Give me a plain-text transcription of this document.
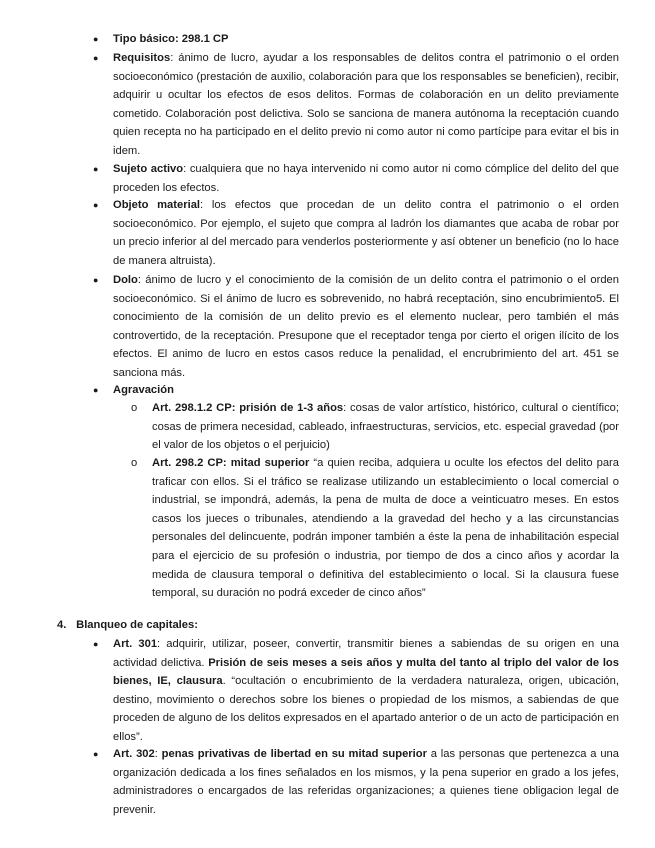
● Tipo básico: 298.1 CP
● Requisitos: ánimo de lucro, ayudar a los responsables de delitos contra el patrimonio o el orden socioeconómico (prestación de auxilio, colaboración para que los responsables se beneficien), recibir, adquirir u ocultar los efectos de esos delitos. Formas de colaboración en un delito previamente cometido. Colaboración post delictiva. Solo se sanciona de manera autónoma la receptación cuando quien recepta no ha participado en el delito previo ni como autor ni como partícipe para evitar el bis in idem.
● Sujeto activo: cualquiera que no haya intervenido ni como autor ni como cómplice del delito del que proceden los efectos.
● Objeto material: los efectos que procedan de un delito contra el patrimonio o el orden socioeconómico. Por ejemplo, el sujeto que compra al ladrón los diamantes que acaba de robar por un precio inferior al del mercado para venderlos posteriormente y así obtener un beneficio (no lo hace de manera altruista).
● Dolo: ánimo de lucro y el conocimiento de la comisión de un delito contra el patrimonio o el orden socioeconómico. Si el ánimo de lucro es sobrevenido, no habrá receptación, sino encubrimiento5. El conocimiento de la comisión de un delito previo es el elemento nuclear, pero también el más controvertido, de la receptación. Presupone que el receptador tenga por cierto el origen ilícito de los efectos. El animo de lucro en estos casos reduce la penalidad, el encrubrimiento del art. 451 se sanciona más.
● Agravación
o Art. 298.1.2 CP: prisión de 1-3 años: cosas de valor artístico, histórico, cultural o científico; cosas de primera necesidad, cableado, infraestructuras, servicios, etc. especial gravedad (por el valor de los objetos o el perjuicio)
o Art. 298.2 CP: mitad superior “a quien reciba, adquiera u oculte los efectos del delito para traficar con ellos. Si el tráfico se realizase utilizando un establecimiento o local comercial o industrial, se impondrá, además, la pena de multa de doce a veinticuatro meses. En estos casos los jueces o tribunales, atendiendo a la gravedad del hecho y a las circunstancias personales del delincuente, podrán imponer también a éste la pena de inhabilitación especial para el ejercicio de su profesión o industria, por tiempo de dos a cinco años y acordar la medida de clausura temporal o definitiva del establecimiento o local. Si la clausura fuese temporal, su duración no podrá exceder de cinco años”
4. Blanqueo de capitales:
● Art. 301: adquirir, utilizar, poseer, convertir, transmitir bienes a sabiendas de su origen en una actividad delictiva. Prisión de seis meses a seis años y multa del tanto al triplo del valor de los bienes, IE, clausura. “ocultación o encubrimiento de la verdadera naturaleza, origen, ubicación, destino, movimiento o derechos sobre los bienes o propiedad de los mismos, a sabiendas de que proceden de alguno de los delitos expresados en el apartado anterior o de un acto de participación en ellos”.
● Art. 302: penas privativas de libertad en su mitad superior a las personas que pertenezca a una organización dedicada a los fines señalados en los mismos, y la pena superior en grado a los jefes, administradores o encargados de las referidas organizaciones; a quienes tiene obligacion legal de prevenir.
